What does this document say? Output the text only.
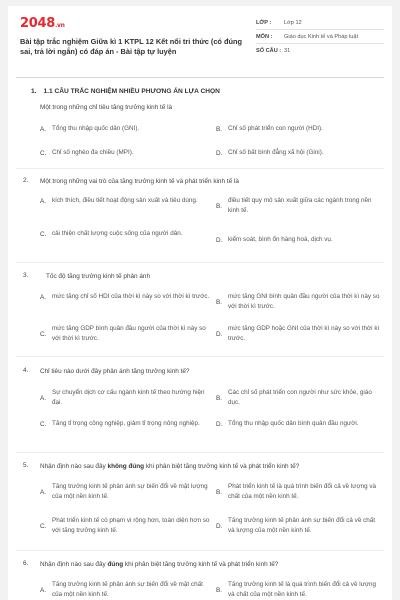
2048.vn
Bài tập trắc nghiệm Giữa kì 1 KTPL 12 Kết nối tri thức (có đúng sai, trả lời ngắn) có đáp án - Bài tập tự luyện
LỚP :	Lớp 12
MÔN :	Giáo dục Kinh tế và Pháp luật
SỐ CÂU : 31
1. 1.1 CÂU TRẮC NGHIỆM NHIỀU PHƯƠNG ÁN LỰA CHỌN
Một trong những chỉ tiêu tăng trưởng kinh tế là
A. Tổng thu nhập quốc dân (GNI).	B. Chỉ số phát triển con người (HDI).
C. Chỉ số nghèo đa chiều (MPI).	D. Chỉ số bất bình đẳng xã hội (Gini).
2. Một trong những vai trò của tăng trưởng kinh tế và phát triển kinh tế là
A. kích thích, điều tiết hoạt động sản xuất và tiêu dùng.
B.
điều tiết quy mô sản xuất giữa các ngành trong nền kinh tế.
C. cải thiện chất lượng cuộc sống của người dân.
D. kiểm soát, bình ổn hàng hoá, dịch vụ.
3.	Tốc độ tăng trưởng kinh tế phản ánh
A. mức tăng chỉ số HDI của thời kì này so với thời kì trước.
B.
mức tăng GNI bình quân đầu người của thời kì này so với thời kì trước.
C.
mức tăng GDP bình quân đầu người của thời kì này so với thời kì trước.
D.
mức tăng GDP hoặc GNI của thời kì này so với thời kì trước.
4. Chỉ tiêu nào dưới đây phản ánh tăng trưởng kinh tế?
A.
Sự chuyển dịch cơ cấu ngành kinh tế theo hướng hiện đại.
B.
Các chỉ số phát triển con người như sức khỏe, giáo dục.
C. Tăng tỉ trọng công nghiệp, giảm tỉ trọng nông nghiệp.	D. Tổng thu nhập quốc dân bình quân đầu người.
5. Nhận định nào sau đây không đúng khi phân biệt tăng trưởng kinh tế và phát triển kinh tế?
A.
Tăng trưởng kinh tế phản ánh sự biến đổi về mặt lượng của một nền kinh tế.
B.
Phát triển kinh tế là quá trình biến đổi cả về lượng và chất của một nền kinh tế.
C.
Phát triển kinh tế có phạm vi rộng hơn, toàn diện hơn so với tăng trưởng kinh tế.
D.
Tăng trưởng kinh tế phản ánh sự biến đổi cả về chất và lượng của một nền kinh tế.
6. Nhận định nào sau đây đúng khi phân biệt tăng trưởng kinh tế và phát triển kinh tế?
A.
Tăng trưởng kinh tế phản ánh sự biến đổi về mặt chất của một nền kinh tế.
B.
Tăng trưởng kinh tế là quá trình biến đổi cả về lượng và chất của một nền kinh tế.
